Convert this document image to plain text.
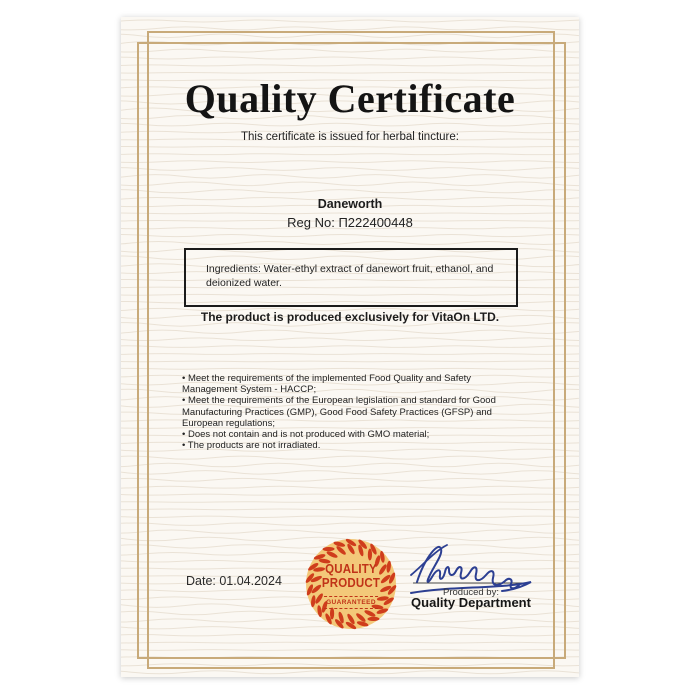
Quality Certificate
This certificate is issued for herbal tincture:
Daneworth
Reg No: П222400448

Ingredients: Water-ethyl extract of danewort fruit, ethanol, and deionized water.

The product is produced exclusively for VitaOn LTD.
• Meet the requirements of the implemented Food Quality and Safety Management System - HACCP;
• Meet the requirements of the European legislation and standard for Good Manufacturing Practices (GMP), Good Food Safety Practices (GFSP) and European regulations;
• Does not contain and is not produced with GMO material;
• The products are not irradiated.
Date: 01.04.2024
QUALITY
PRODUCT
GUARANTEED
Produced by:
Quality Department
